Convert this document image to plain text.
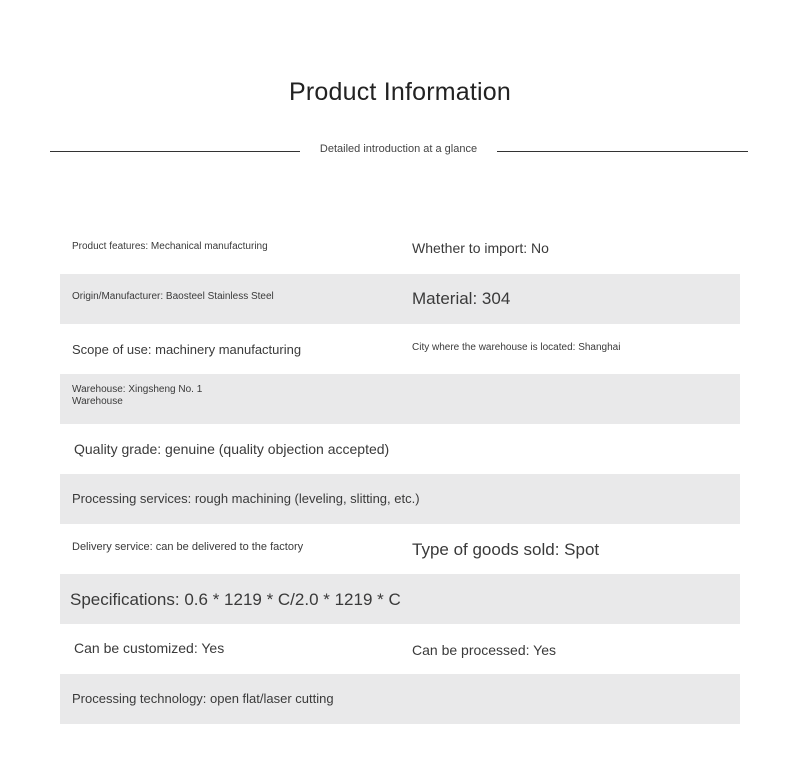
Product Information
Detailed introduction at a glance
Product features: Mechanical manufacturing	Whether to import: No
Origin/Manufacturer: Baosteel Stainless Steel	Material: 304
Scope of use: machinery manufacturing	City where the warehouse is located: Shanghai
Warehouse: Xingsheng No. 1 Warehouse
Quality grade: genuine (quality objection accepted)
Processing services: rough machining (leveling, slitting, etc.)
Delivery service: can be delivered to the factory	Type of goods sold: Spot
Specifications: 0.6 * 1219 * C/2.0 * 1219 * C
Can be customized: Yes	Can be processed: Yes
Processing technology: open flat/laser cutting
